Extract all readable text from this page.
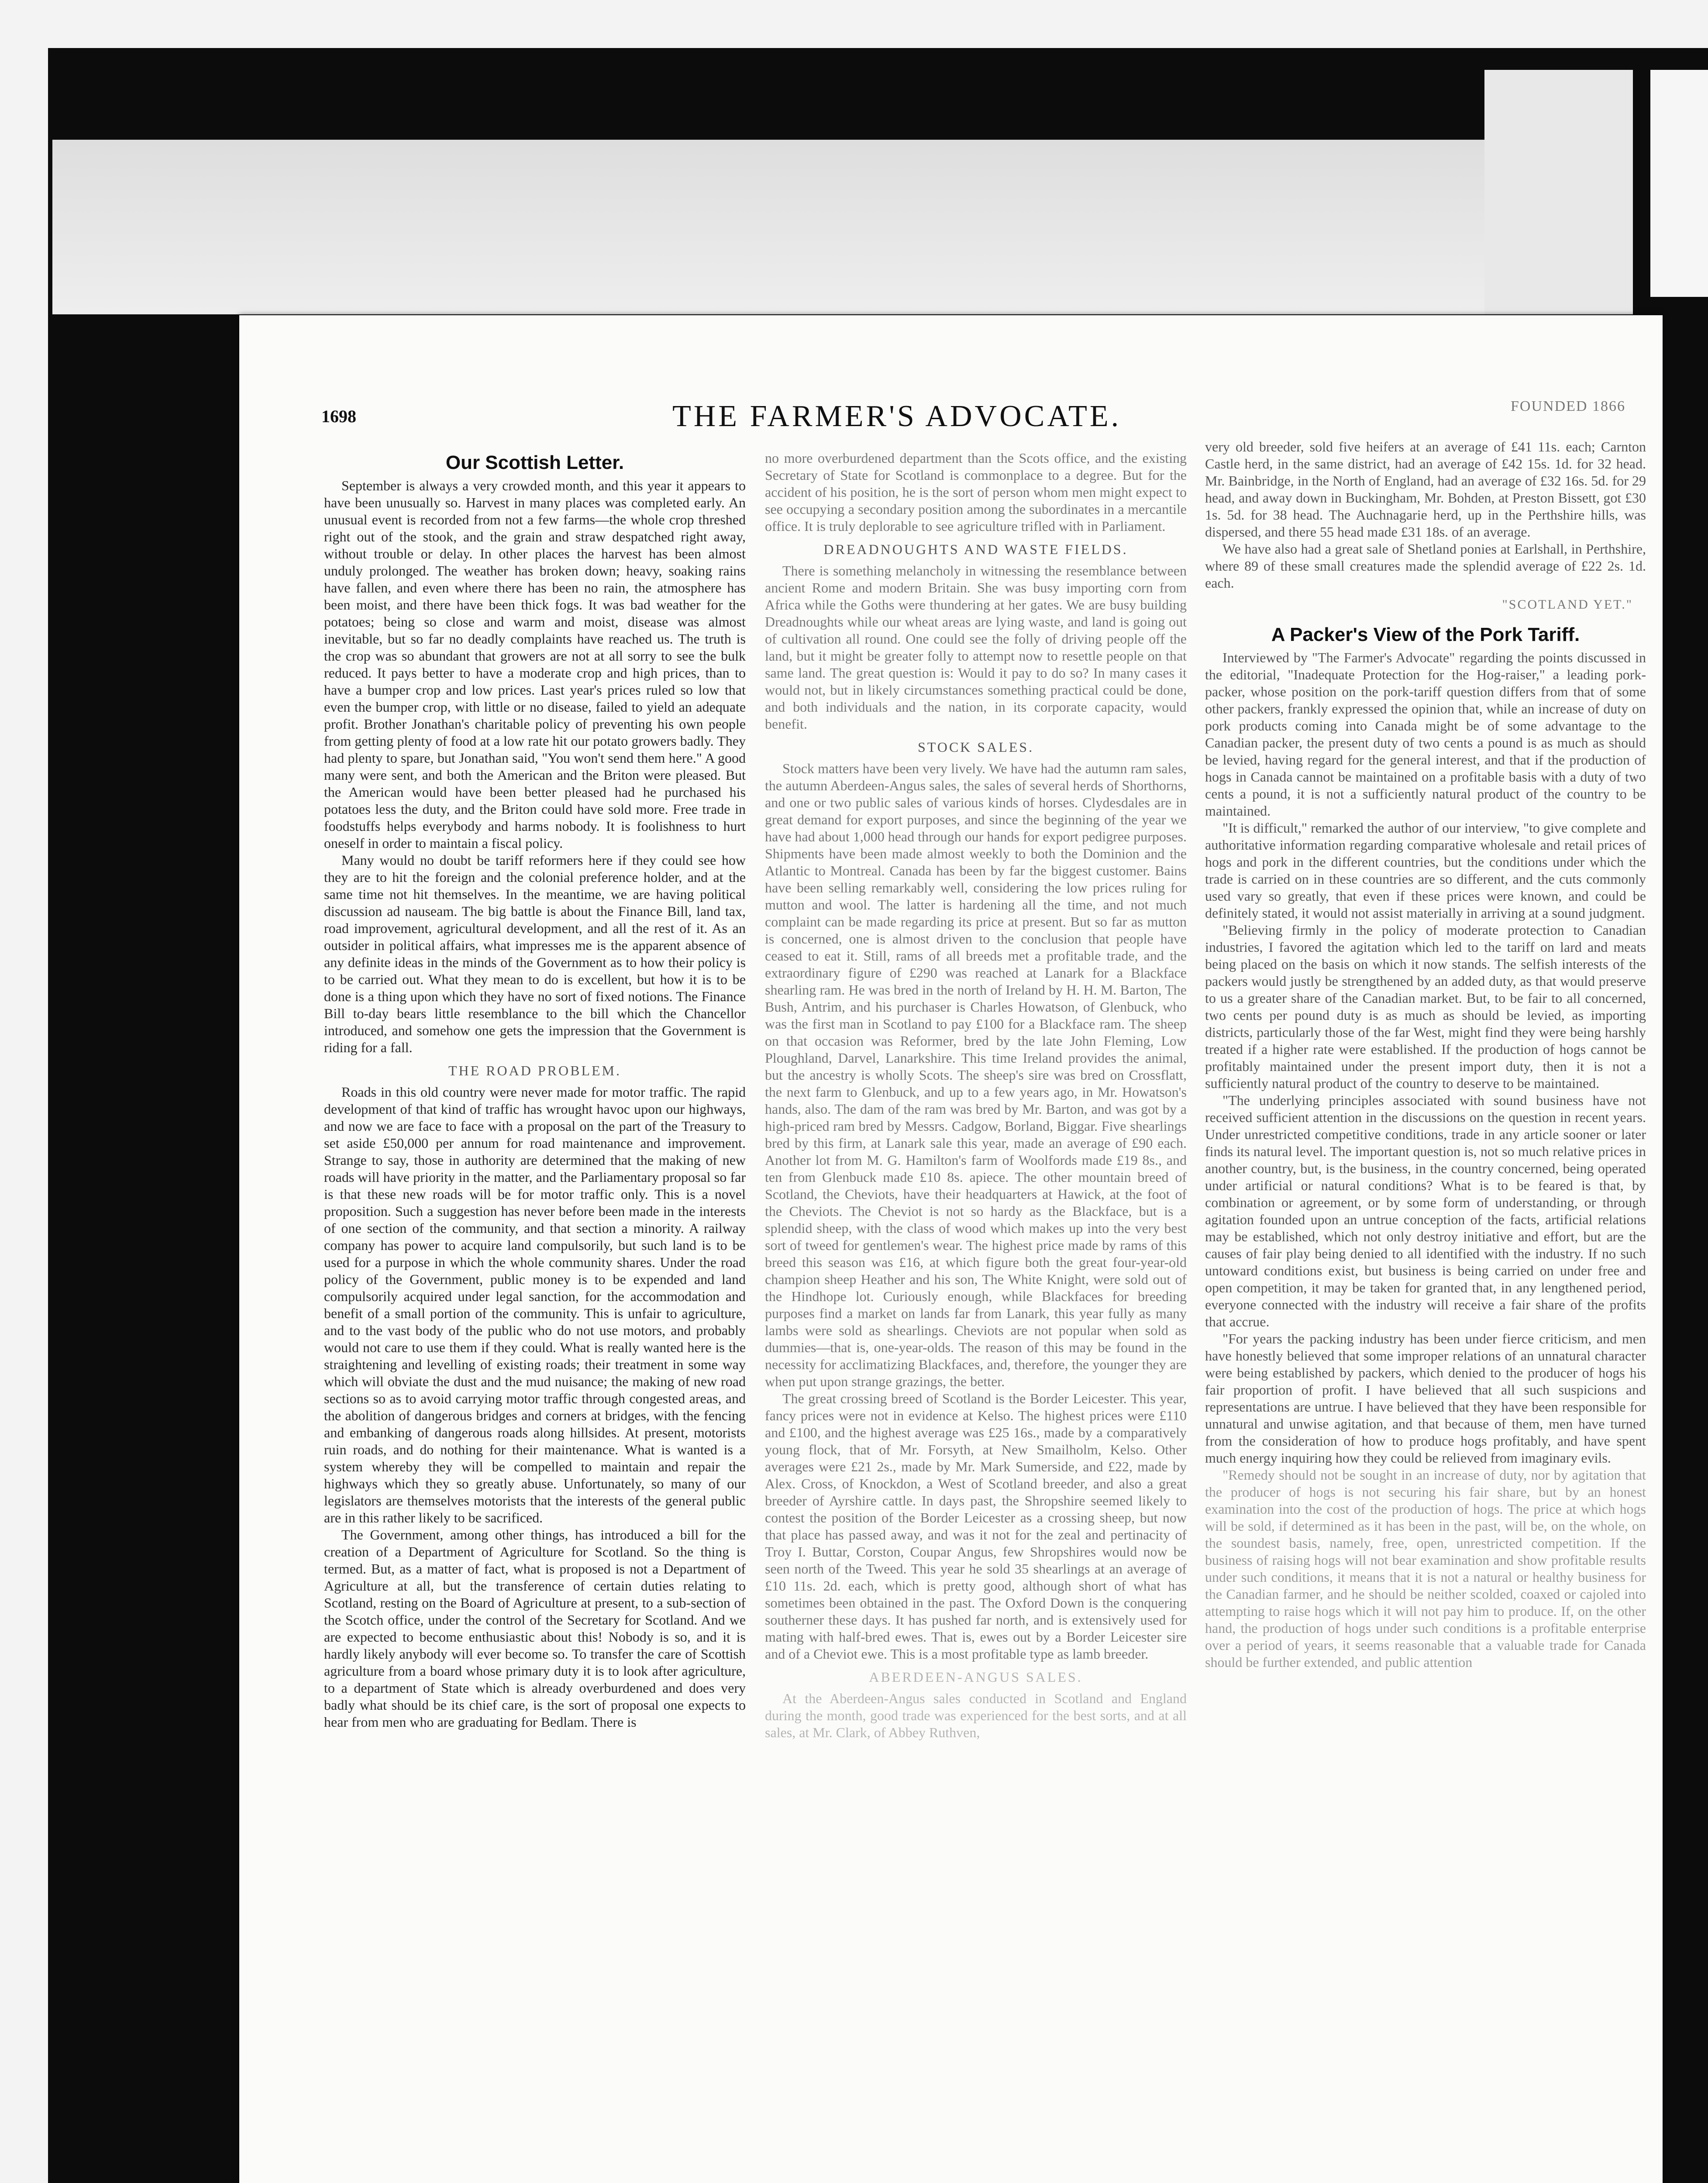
1698	THE FARMER'S ADVOCATE.	FOUNDED 1866
Our Scottish Letter.

September is always a very crowded month, and this year it appears to have been unusually so. Harvest in many places was completed early. An unusual event is recorded from not a few farms—the whole crop threshed right out of the stook, and the grain and straw despatched right away, without trouble or delay. In other places the harvest has been almost unduly prolonged. The weather has broken down; heavy, soaking rains have fallen, and even where there has been no rain, the atmosphere has been moist, and there have been thick fogs. It was bad weather for the potatoes; being so close and warm and moist, disease was almost inevitable, but so far no deadly complaints have reached us. The truth is the crop was so abundant that growers are not at all sorry to see the bulk reduced. It pays better to have a moderate crop and high prices, than to have a bumper crop and low prices. Last year's prices ruled so low that even the bumper crop, with little or no disease, failed to yield an adequate profit. Brother Jonathan's charitable policy of preventing his own people from getting plenty of food at a low rate hit our potato growers badly. They had plenty to spare, but Jonathan said, "You won't send them here." A good many were sent, and both the American and the Briton were pleased. But the American would have been better pleased had he purchased his potatoes less the duty, and the Briton could have sold more. Free trade in foodstuffs helps everybody and harms nobody. It is foolishness to hurt oneself in order to maintain a fiscal policy.

Many would no doubt be tariff reformers here if they could see how they are to hit the foreign and the colonial preference holder, and at the same time not hit themselves. In the meantime, we are having political discussion ad nauseam. The big battle is about the Finance Bill, land tax, road improvement, agricultural development, and all the rest of it. As an outsider in political affairs, what impresses me is the apparent absence of any definite ideas in the minds of the Government as to how their policy is to be carried out. What they mean to do is excellent, but how it is to be done is a thing upon which they have no sort of fixed notions. The Finance Bill to-day bears little resemblance to the bill which the Chancellor introduced, and somehow one gets the impression that the Government is riding for a fall.

THE ROAD PROBLEM.

Roads in this old country were never made for motor traffic. The rapid development of that kind of traffic has wrought havoc upon our highways, and now we are face to face with a proposal on the part of the Treasury to set aside £50,000 per annum for road maintenance and improvement. Strange to say, those in authority are determined that the making of new roads will have priority in the matter, and the Parliamentary proposal so far is that these new roads will be for motor traffic only. This is a novel proposition. Such a suggestion has never before been made in the interests of one section of the community, and that section a minority. A railway company has power to acquire land compulsorily, but such land is to be used for a purpose in which the whole community shares. Under the road policy of the Government, public money is to be expended and land compulsorily acquired under legal sanction, for the accommodation and benefit of a small portion of the community. This is unfair to agriculture, and to the vast body of the public who do not use motors, and probably would not care to use them if they could. What is really wanted here is the straightening and levelling of existing roads; their treatment in some way which will obviate the dust and the mud nuisance; the making of new road sections so as to avoid carrying motor traffic through congested areas, and the abolition of dangerous bridges and corners at bridges, with the fencing and embanking of dangerous roads along hillsides. At present, motorists ruin roads, and do nothing for their maintenance. What is wanted is a system whereby they will be compelled to maintain and repair the highways which they so greatly abuse. Unfortunately, so many of our legislators are themselves motorists that the interests of the general public are in this rather likely to be sacrificed.

The Government, among other things, has introduced a bill for the creation of a Department of Agriculture for Scotland. So the thing is termed. But, as a matter of fact, what is proposed is not a Department of Agriculture at all, but the transference of certain duties relating to Scotland, resting on the Board of Agriculture at present, to a sub-section of the Scotch office, under the control of the Secretary for Scotland. And we are expected to become enthusiastic about this! Nobody is so, and it is hardly likely anybody will ever become so. To transfer the care of Scottish agriculture from a board whose primary duty it is to look after agriculture, to a department of State which is already overburdened and does very badly what should be its chief care, is the sort of proposal one expects to hear from men who are graduating for Bedlam. There is

no more overburdened department than the Scots office, and the existing Secretary of State for Scotland is commonplace to a degree. But for the accident of his position, he is the sort of person whom men might expect to see occupying a secondary position among the subordinates in a mercantile office. It is truly deplorable to see agriculture trifled with in Parliament.

DREADNOUGHTS AND WASTE FIELDS.

There is something melancholy in witnessing the resemblance between ancient Rome and modern Britain. She was busy importing corn from Africa while the Goths were thundering at her gates. We are busy building Dreadnoughts while our wheat areas are lying waste, and land is going out of cultivation all round. One could see the folly of driving people off the land, but it might be greater folly to attempt now to resettle people on that same land. The great question is: Would it pay to do so? In many cases it would not, but in likely circumstances something practical could be done, and both individuals and the nation, in its corporate capacity, would benefit.

STOCK SALES.

Stock matters have been very lively. We have had the autumn ram sales, the autumn Aberdeen-Angus sales, the sales of several herds of Shorthorns, and one or two public sales of various kinds of horses. Clydesdales are in great demand for export purposes, and since the beginning of the year we have had about 1,000 head through our hands for export pedigree purposes. Shipments have been made almost weekly to both the Dominion and the Atlantic to Montreal. Canada has been by far the biggest customer. Bains have been selling remarkably well, considering the low prices ruling for mutton and wool. The latter is hardening all the time, and not much complaint can be made regarding its price at present. But so far as mutton is concerned, one is almost driven to the conclusion that people have ceased to eat it. Still, rams of all breeds met a profitable trade, and the extraordinary figure of £290 was reached at Lanark for a Blackface shearling ram. He was bred in the north of Ireland by H. H. M. Barton, The Bush, Antrim, and his purchaser is Charles Howatson, of Glenbuck, who was the first man in Scotland to pay £100 for a Blackface ram. The sheep on that occasion was Reformer, bred by the late John Fleming, Low Ploughland, Darvel, Lanarkshire. This time Ireland provides the animal, but the ancestry is wholly Scots. The sheep's sire was bred on Crossflatt, the next farm to Glenbuck, and up to a few years ago, in Mr. Howatson's hands, also. The dam of the ram was bred by Mr. Barton, and was got by a high-priced ram bred by Messrs. Cadgow, Borland, Biggar. Five shearlings bred by this firm, at Lanark sale this year, made an average of £90 each. Another lot from M. G. Hamilton's farm of Woolfords made £19 8s., and ten from Glenbuck made £10 8s. apiece. The other mountain breed of Scotland, the Cheviots, have their headquarters at Hawick, at the foot of the Cheviots. The Cheviot is not so hardy as the Blackface, but is a splendid sheep, with the class of wood which makes up into the very best sort of tweed for gentlemen's wear. The highest price made by rams of this breed this season was £16, at which figure both the great four-year-old champion sheep Heather and his son, The White Knight, were sold out of the Hindhope lot. Curiously enough, while Blackfaces for breeding purposes find a market on lands far from Lanark, this year fully as many lambs were sold as shearlings. Cheviots are not popular when sold as dummies—that is, one-year-olds. The reason of this may be found in the necessity for acclimatizing Blackfaces, and, therefore, the younger they are when put upon strange grazings, the better.

The great crossing breed of Scotland is the Border Leicester. This year, fancy prices were not in evidence at Kelso. The highest prices were £110 and £100, and the highest average was £25 16s., made by a comparatively young flock, that of Mr. Forsyth, at New Smailholm, Kelso. Other averages were £21 2s., made by Mr. Mark Sumerside, and £22, made by Alex. Cross, of Knockdon, a West of Scotland breeder, and also a great breeder of Ayrshire cattle. In days past, the Shropshire seemed likely to contest the position of the Border Leicester as a crossing sheep, but now that place has passed away, and was it not for the zeal and pertinacity of Troy I. Buttar, Corston, Coupar Angus, few Shropshires would now be seen north of the Tweed. This year he sold 35 shearlings at an average of £10 11s. 2d. each, which is pretty good, although short of what has sometimes been obtained in the past. The Oxford Down is the conquering southerner these days. It has pushed far north, and is extensively used for mating with half-bred ewes. That is, ewes out by a Border Leicester sire and of a Cheviot ewe. This is a most profitable type as lamb breeder.

ABERDEEN-ANGUS SALES.

At the Aberdeen-Angus sales conducted in Scotland and England during the month, good trade was experienced for the best sorts, and at all sales, at Mr. Clark, of Abbey Ruthven,

very old breeder, sold five heifers at an average of £41 11s. each; Carnton Castle herd, in the same district, had an average of £42 15s. 1d. for 32 head. Mr. Bainbridge, in the North of England, had an average of £32 16s. 5d. for 29 head, and away down in Buckingham, Mr. Bohden, at Preston Bissett, got £30 1s. 5d. for 38 head. The Auchnagarie herd, up in the Perthshire hills, was dispersed, and there 55 head made £31 18s. of an average.

We have also had a great sale of Shetland ponies at Earlshall, in Perthshire, where 89 of these small creatures made the splendid average of £22 2s. 1d. each.

"SCOTLAND YET."
A Packer's View of the Pork Tariff.

Interviewed by "The Farmer's Advocate" regarding the points discussed in the editorial, "Inadequate Protection for the Hog-raiser," a leading pork-packer, whose position on the pork-tariff question differs from that of some other packers, frankly expressed the opinion that, while an increase of duty on pork products coming into Canada might be of some advantage to the Canadian packer, the present duty of two cents a pound is as much as should be levied, having regard for the general interest, and that if the production of hogs in Canada cannot be maintained on a profitable basis with a duty of two cents a pound, it is not a sufficiently natural product of the country to be maintained.

"It is difficult," remarked the author of our interview, "to give complete and authoritative information regarding comparative wholesale and retail prices of hogs and pork in the different countries, but the conditions under which the trade is carried on in these countries are so different, and the cuts commonly used vary so greatly, that even if these prices were known, and could be definitely stated, it would not assist materially in arriving at a sound judgment.

"Believing firmly in the policy of moderate protection to Canadian industries, I favored the agitation which led to the tariff on lard and meats being placed on the basis on which it now stands. The selfish interests of the packers would justly be strengthened by an added duty, as that would preserve to us a greater share of the Canadian market. But, to be fair to all concerned, two cents per pound duty is as much as should be levied, as importing districts, particularly those of the far West, might find they were being harshly treated if a higher rate were established. If the production of hogs cannot be profitably maintained under the present import duty, then it is not a sufficiently natural product of the country to deserve to be maintained.

"The underlying principles associated with sound business have not received sufficient attention in the discussions on the question in recent years. Under unrestricted competitive conditions, trade in any article sooner or later finds its natural level. The important question is, not so much relative prices in another country, but, is the business, in the country concerned, being operated under artificial or natural conditions? What is to be feared is that, by combination or agreement, or by some form of understanding, or through agitation founded upon an untrue conception of the facts, artificial relations may be established, which not only destroy initiative and effort, but are the causes of fair play being denied to all identified with the industry. If no such untoward conditions exist, but business is being carried on under free and open competition, it may be taken for granted that, in any lengthened period, everyone connected with the industry will receive a fair share of the profits that accrue.

"For years the packing industry has been under fierce criticism, and men have honestly believed that some improper relations of an unnatural character were being established by packers, which denied to the producer of hogs his fair proportion of profit. I have believed that all such suspicions and representations are untrue. I have believed that they have been responsible for unnatural and unwise agitation, and that because of them, men have turned from the consideration of how to produce hogs profitably, and have spent much energy inquiring how they could be relieved from imaginary evils.

"Remedy should not be sought in an increase of duty, nor by agitation that the producer of hogs is not securing his fair share, but by an honest examination into the cost of the production of hogs. The price at which hogs will be sold, if determined as it has been in the past, will be, on the whole, on the soundest basis, namely, free, open, unrestricted competition. If the business of raising hogs will not bear examination and show profitable results under such conditions, it means that it is not a natural or healthy business for the Canadian farmer, and he should be neither scolded, coaxed or cajoled into attempting to raise hogs which it will not pay him to produce. If, on the other hand, the production of hogs under such conditions is a profitable enterprise over a period of years, it seems reasonable that a valuable trade for Canada should be further extended, and public attention
